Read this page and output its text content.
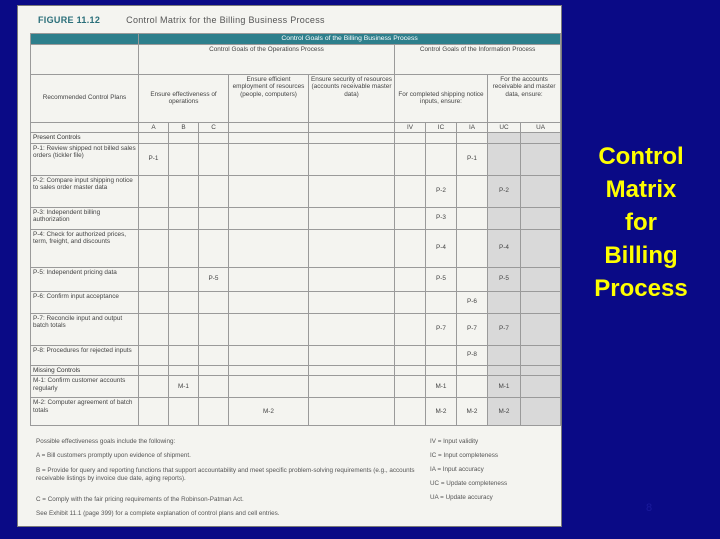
FIGURE 11.12	Control Matrix for the Billing Business Process
	Control Goals of the Billing Business Process									
	Control Goals of the Operations Process					Control Goals of the Information Process				
Recommended Control Plans	Ensure effectiveness of operations			Ensure efficient employment of resources (people, computers)	Ensure security of resources (accounts receivable master data)	For completed shipping notice inputs, ensure:			For the accounts receivable and master data, ensure:	
	A	B	C			IV	IC	IA	UC	UA
Present Controls										
P-1: Review shipped not billed sales orders (tickler file)	P-1							P-1		
P-2: Compare input shipping notice to sales order master data							P-2		P-2	
P-3: Independent billing authorization							P-3			
P-4: Check for authorized prices, term, freight, and discounts							P-4		P-4	
P-5: Independent pricing data			P-5				P-5		P-5	
P-6: Confirm input acceptance								P-6		
P-7: Reconcile input and output batch totals							P-7	P-7	P-7	
P-8: Procedures for rejected inputs								P-8		
Missing Controls										
M-1: Confirm customer accounts regularly		M-1					M-1		M-1	
M-2: Computer agreement of batch totals				M-2			M-2	M-2	M-2	
Possible effectiveness goals include the following:
A = Bill customers promptly upon evidence of shipment.
B = Provide for query and reporting functions that support accountability and meet specific problem-solving requirements (e.g., accounts receivable listings by invoice due date, aging reports).
C = Comply with the fair pricing requirements of the Robinson-Patman Act.
See Exhibit 11.1 (page 399) for a complete explanation of control plans and cell entries.
IV = Input validity
IC = Input completeness
IA = Input accuracy
UC = Update completeness
UA = Update accuracy
Control
Matrix
for
Billing
Process
8
